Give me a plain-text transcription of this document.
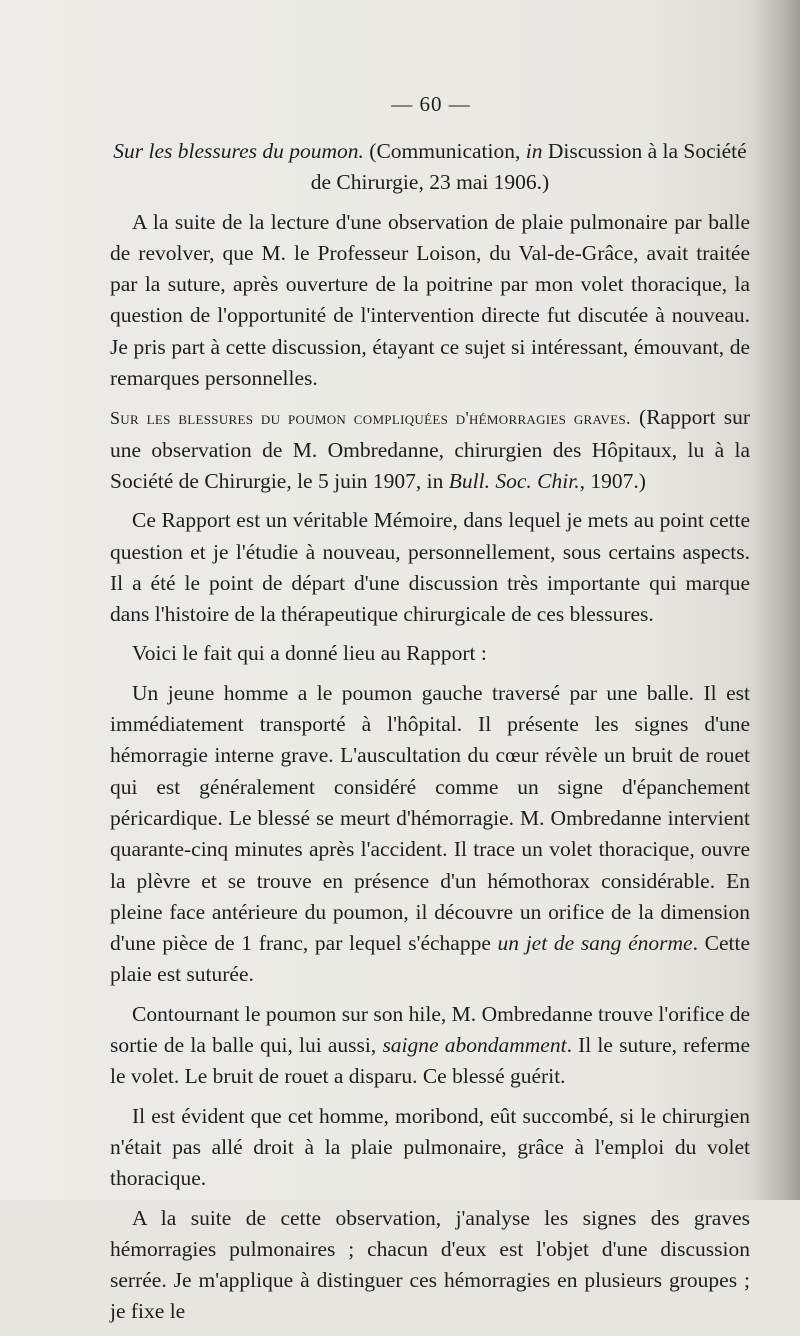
— 60 —

Sur les blessures du poumon. (Communication, in Discussion à la Société de Chirurgie, 23 mai 1906.)

A la suite de la lecture d'une observation de plaie pulmonaire par balle de revolver, que M. le Professeur Loison, du Val-de-Grâce, avait traitée par la suture, après ouverture de la poitrine par mon volet thoracique, la question de l'opportunité de l'intervention directe fut discutée à nouveau. Je pris part à cette discussion, étayant ce sujet si intéressant, émouvant, de remarques personnelles.

Sur les blessures du poumon compliquées d'hémorragies graves. (Rapport sur une observation de M. Ombredanne, chirurgien des Hôpitaux, lu à la Société de Chirurgie, le 5 juin 1907, in Bull. Soc. Chir., 1907.)

Ce Rapport est un véritable Mémoire, dans lequel je mets au point cette question et je l'étudie à nouveau, personnellement, sous certains aspects. Il a été le point de départ d'une discussion très importante qui marque dans l'histoire de la thérapeutique chirurgicale de ces blessures.

Voici le fait qui a donné lieu au Rapport :

Un jeune homme a le poumon gauche traversé par une balle. Il est immédiatement transporté à l'hôpital. Il présente les signes d'une hémorragie interne grave. L'auscultation du cœur révèle un bruit de rouet qui est généralement considéré comme un signe d'épanchement péricardique. Le blessé se meurt d'hémorragie. M. Ombredanne intervient quarante-cinq minutes après l'accident. Il trace un volet thoracique, ouvre la plèvre et se trouve en présence d'un hémothorax considérable. En pleine face antérieure du poumon, il découvre un orifice de la dimension d'une pièce de 1 franc, par lequel s'échappe un jet de sang énorme. Cette plaie est suturée.

Contournant le poumon sur son hile, M. Ombredanne trouve l'orifice de sortie de la balle qui, lui aussi, saigne abondamment. Il le suture, referme le volet. Le bruit de rouet a disparu. Ce blessé guérit.

Il est évident que cet homme, moribond, eût succombé, si le chirurgien n'était pas allé droit à la plaie pulmonaire, grâce à l'emploi du volet thoracique.

A la suite de cette observation, j'analyse les signes des graves hémorragies pulmonaires ; chacun d'eux est l'objet d'une discussion serrée. Je m'applique à distinguer ces hémorragies en plusieurs groupes ; je fixe le
